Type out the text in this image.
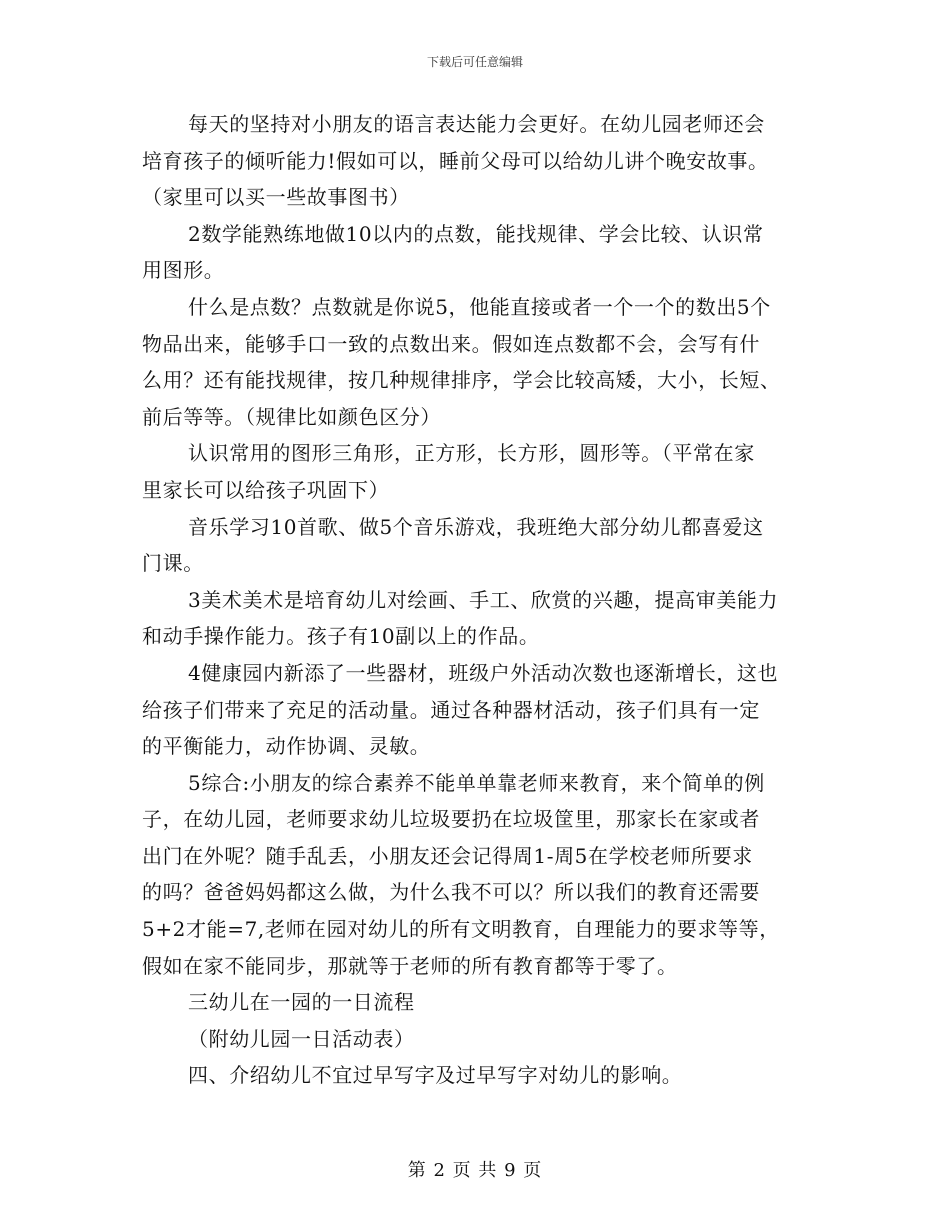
下载后可任意编辑

每天的坚持对小朋友的语言表达能力会更好。在幼儿园老师还会
培育孩子的倾听能力!假如可以，睡前父母可以给幼儿讲个晚安故事。
（家里可以买一些故事图书）

2数学能熟练地做10以内的点数，能找规律、学会比较、认识常
用图形。

什么是点数？点数就是你说5，他能直接或者一个一个的数出5个
物品出来，能够手口一致的点数出来。假如连点数都不会，会写有什
么用？还有能找规律，按几种规律排序，学会比较高矮，大小，长短、
前后等等。（规律比如颜色区分）

认识常用的图形三角形，正方形，长方形，圆形等。（平常在家
里家长可以给孩子巩固下）

音乐学习10首歌、做5个音乐游戏，我班绝大部分幼儿都喜爱这
门课。

3美术美术是培育幼儿对绘画、手工、欣赏的兴趣，提高审美能力
和动手操作能力。孩子有10副以上的作品。

4健康园内新添了一些器材，班级户外活动次数也逐渐增长，这也
给孩子们带来了充足的活动量。通过各种器材活动，孩子们具有一定
的平衡能力，动作协调、灵敏。

5综合:小朋友的综合素养不能单单靠老师来教育，来个简单的例
子，在幼儿园，老师要求幼儿垃圾要扔在垃圾筐里，那家长在家或者
出门在外呢？随手乱丢，小朋友还会记得周1-周5在学校老师所要求
的吗？爸爸妈妈都这么做，为什么我不可以？所以我们的教育还需要
5+2才能=7,老师在园对幼儿的所有文明教育，自理能力的要求等等，
假如在家不能同步，那就等于老师的所有教育都等于零了。

三幼儿在一园的一日流程

（附幼儿园一日活动表）

四、介绍幼儿不宜过早写字及过早写字对幼儿的影响。

第 2 页 共 9 页
